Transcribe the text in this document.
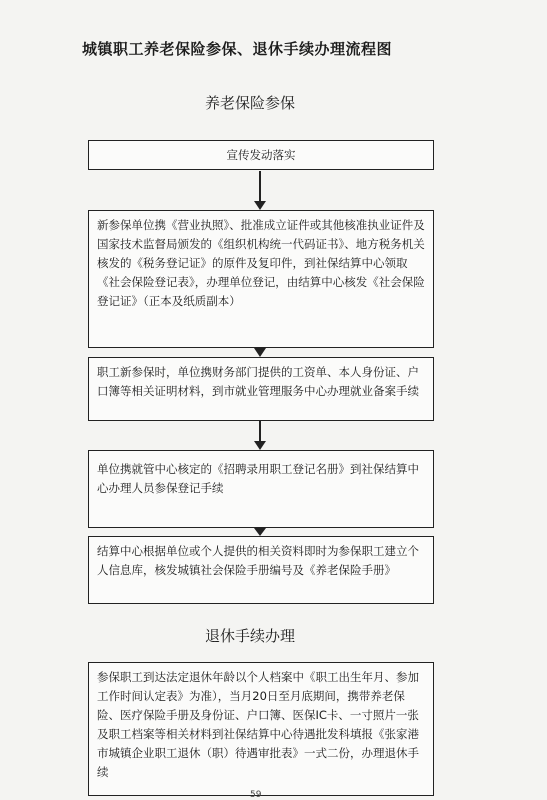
城镇职工养老保险参保、退休手续办理流程图
养老保险参保
宣传发动落实
新参保单位携《营业执照》、批准成立证件或其他核准执业证件及国家技术监督局颁发的《组织机构统一代码证书》、地方税务机关核发的《税务登记证》的原件及复印件，到社保结算中心领取《社会保险登记表》，办理单位登记，由结算中心核发《社会保险登记证》（正本及纸质副本）
职工新参保时，单位携财务部门提供的工资单、本人身份证、户口簿等相关证明材料，到市就业管理服务中心办理就业备案手续
单位携就管中心核定的《招聘录用职工登记名册》到社保结算中心办理人员参保登记手续
结算中心根据单位或个人提供的相关资料即时为参保职工建立个人信息库，核发城镇社会保险手册编号及《养老保险手册》
退休手续办理
参保职工到达法定退休年龄以个人档案中《职工出生年月、参加工作时间认定表》为准），当月20日至月底期间，携带养老保险、医疗保险手册及身份证、户口簿、医保IC卡、一寸照片一张及职工档案等相关材料到社保结算中心待遇批发科填报《张家港市城镇企业职工退休（职）待遇审批表》一式二份，办理退休手续
59
